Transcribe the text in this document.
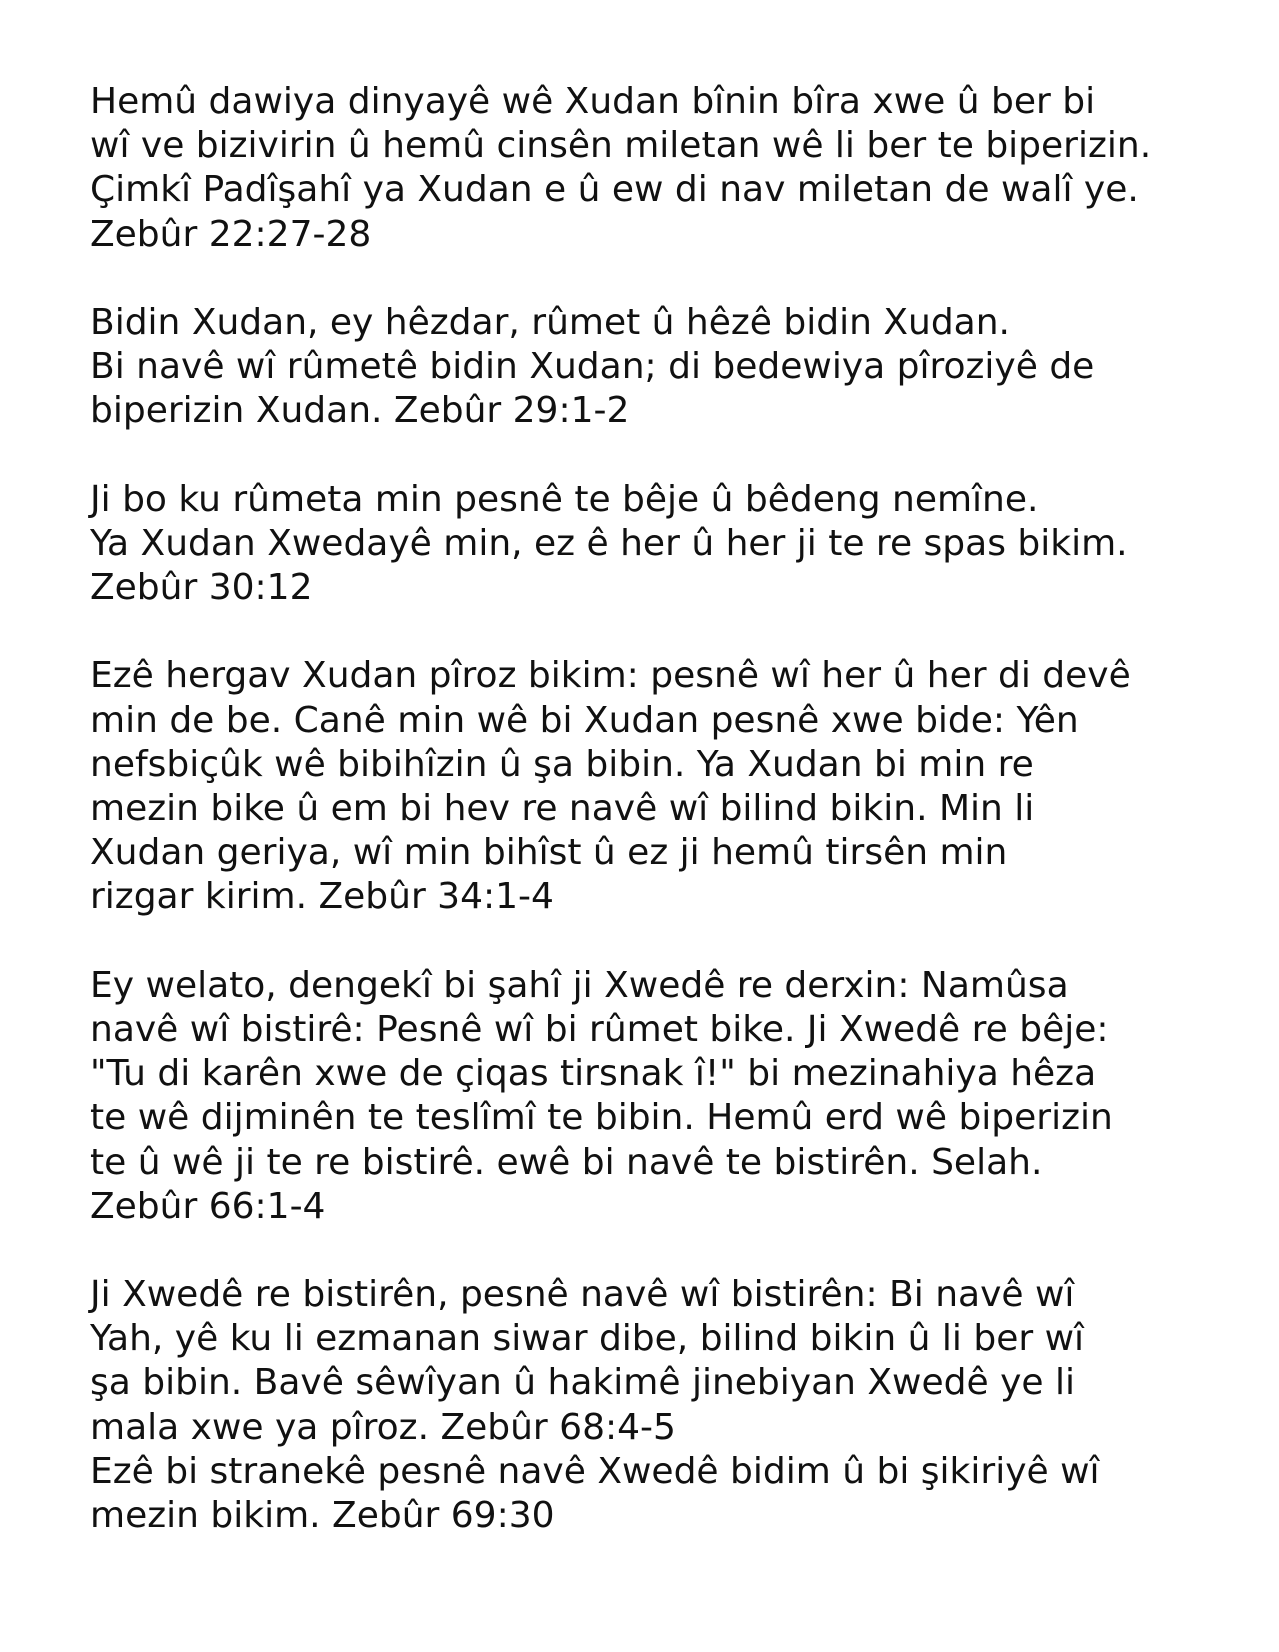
Hemû dawiya dinyayê wê Xudan bînin bîra xwe û ber bi
wî ve bizivirin û hemû cinsên miletan wê li ber te biperizin.
Çimkî Padîşahî ya Xudan e û ew di nav miletan de walî ye.
Zebûr 22:27-28
Bidin Xudan, ey hêzdar, rûmet û hêzê bidin Xudan.
Bi navê wî rûmetê bidin Xudan; di bedewiya pîroziyê de
biperizin Xudan. Zebûr 29:1-2
Ji bo ku rûmeta min pesnê te bêje û bêdeng nemîne.
Ya Xudan Xwedayê min, ez ê her û her ji te re spas bikim.
Zebûr 30:12
Ezê hergav Xudan pîroz bikim: pesnê wî her û her di devê
min de be. Canê min wê bi Xudan pesnê xwe bide: Yên
nefsbiçûk wê bibihîzin û şa bibin. Ya Xudan bi min re
mezin bike û em bi hev re navê wî bilind bikin. Min li
Xudan geriya, wî min bihîst û ez ji hemû tirsên min
rizgar kirim. Zebûr 34:1-4
Ey welato, dengekî bi şahî ji Xwedê re derxin: Namûsa
navê wî bistirê: Pesnê wî bi rûmet bike. Ji Xwedê re bêje:
"Tu di karên xwe de çiqas tirsnak î!" bi mezinahiya hêza
te wê dijminên te teslîmî te bibin. Hemû erd wê biperizin
te û wê ji te re bistirê. ewê bi navê te bistirên. Selah.
Zebûr 66:1-4
Ji Xwedê re bistirên, pesnê navê wî bistirên: Bi navê wî
Yah, yê ku li ezmanan siwar dibe, bilind bikin û li ber wî
şa bibin. Bavê sêwîyan û hakimê jinebiyan Xwedê ye li
mala xwe ya pîroz. Zebûr 68:4-5
Ezê bi stranekê pesnê navê Xwedê bidim û bi şikiriyê wî
mezin bikim. Zebûr 69:30
